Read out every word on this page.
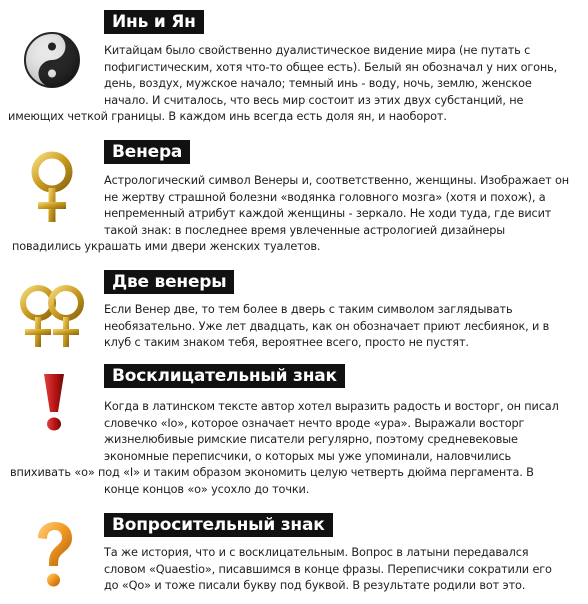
Инь и Ян
Китайцам было свойственно дуалистическое видение мира (не путать с
пофигистическим, хотя что-то общее есть). Белый ян обозначал у них огонь,
день, воздух, мужское начало; темный инь - воду, ночь, землю, женское
начало. И считалось, что весь мир состоит из этих двух субстанций, не
имеющих четкой границы. В каждом инь всегда есть доля ян, и наоборот.
Венера
Астрологический символ Венеры и, соответственно, женщины. Изображает он
не жертву страшной болезни «водянка головного мозга» (хотя и похож), а
непременный атрибут каждой женщины - зеркало. Не ходи туда, где висит
такой знак: в последнее время увлеченные астрологией дизайнеры
повадились украшать ими двери женских туалетов.
Две венеры
Если Венер две, то тем более в дверь с таким символом заглядывать
необязательно. Уже лет двадцать, как он обозначает приют лесбиянок, и в
клуб с таким знаком тебя, вероятнее всего, просто не пустят.
Восклицательный знак
Когда в латинском тексте автор хотел выразить радость и восторг, он писал
словечко «Io», которое означает нечто вроде «ура». Выражали восторг
жизнелюбивые римские писатели регулярно, поэтому средневековые
экономные переписчики, о которых мы уже упоминали, наловчились
впихивать «о» под «I» и таким образом экономить целую четверть дюйма пергамента. В
конце концов «о» усохло до точки.
Вопросительный знак
Та же история, что и с восклицательным. Вопрос в латыни передавался
словом «Quaestio», писавшимся в конце фразы. Переписчики сократили его
до «Qo» и тоже писали букву под буквой. В результате родили вот это.
